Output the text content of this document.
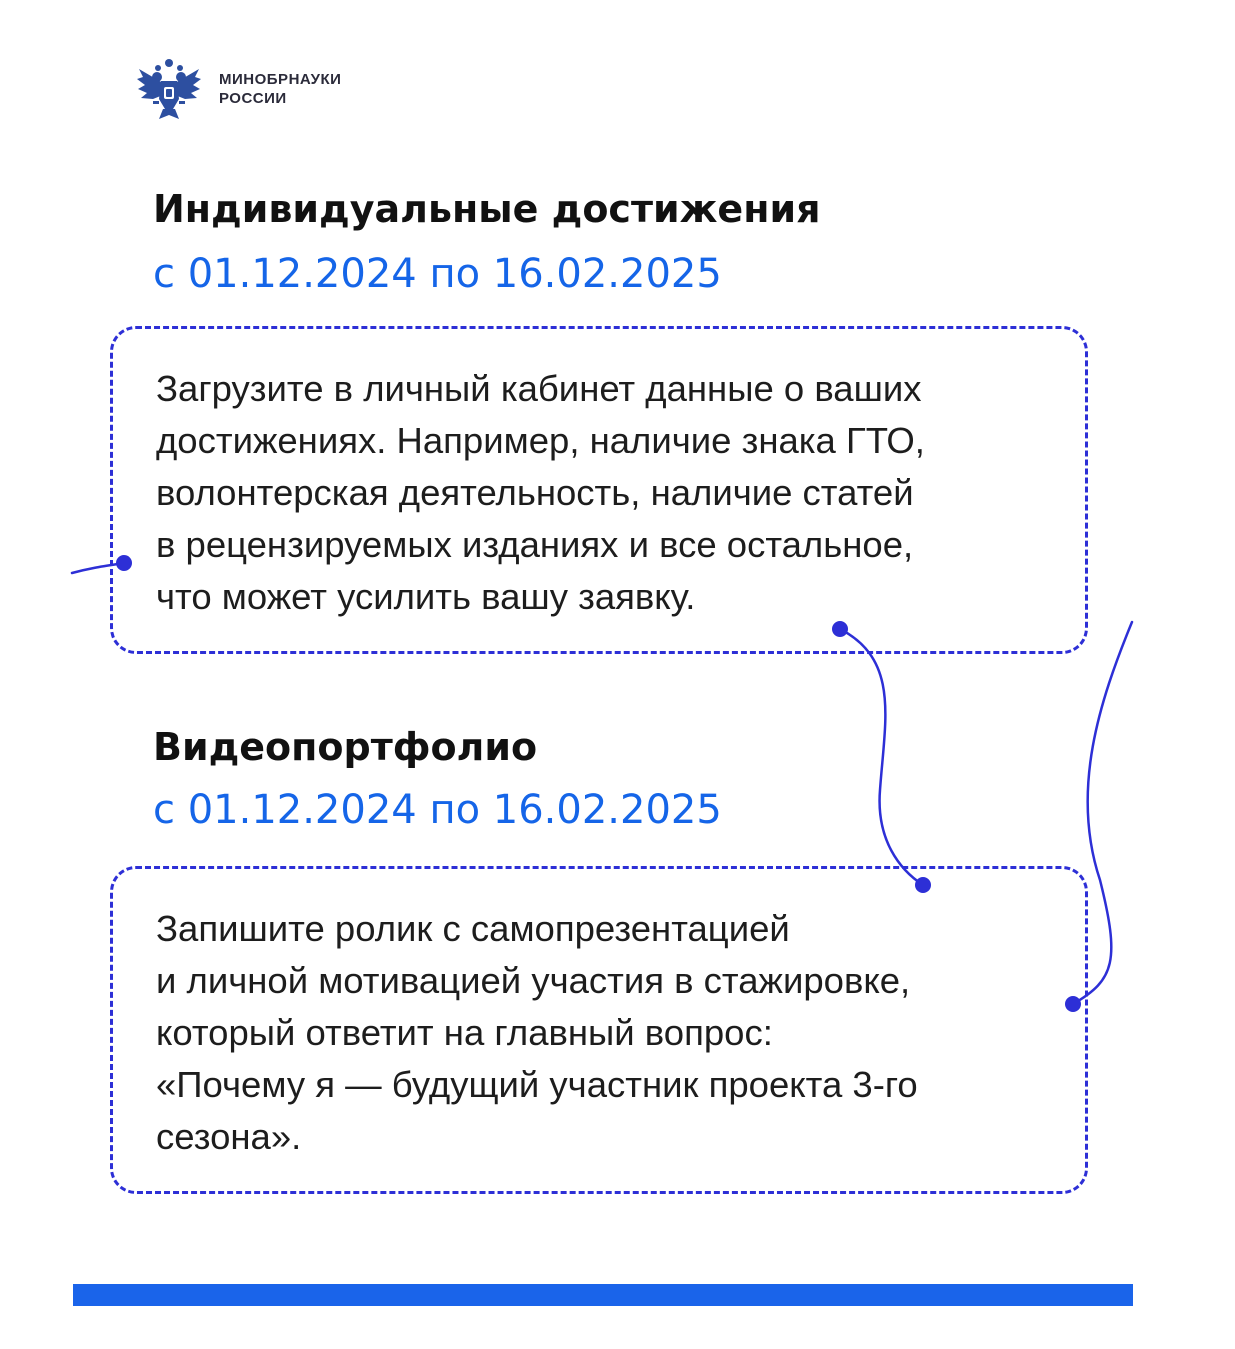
МИНОБРНАУКИ
РОССИИ
Индивидуальные достижения
с 01.12.2024 по 16.02.2025
Загрузите в личный кабинет данные о ваших
достижениях. Например, наличие знака ГТО,
волонтерская деятельность, наличие статей
в рецензируемых изданиях и все остальное,
что может усилить вашу заявку.
Видеопортфолио
с 01.12.2024 по 16.02.2025
Запишите ролик с самопрезентацией
и личной мотивацией участия в стажировке,
который ответит на главный вопрос:
«Почему я — будущий участник проекта 3-го
сезона».
